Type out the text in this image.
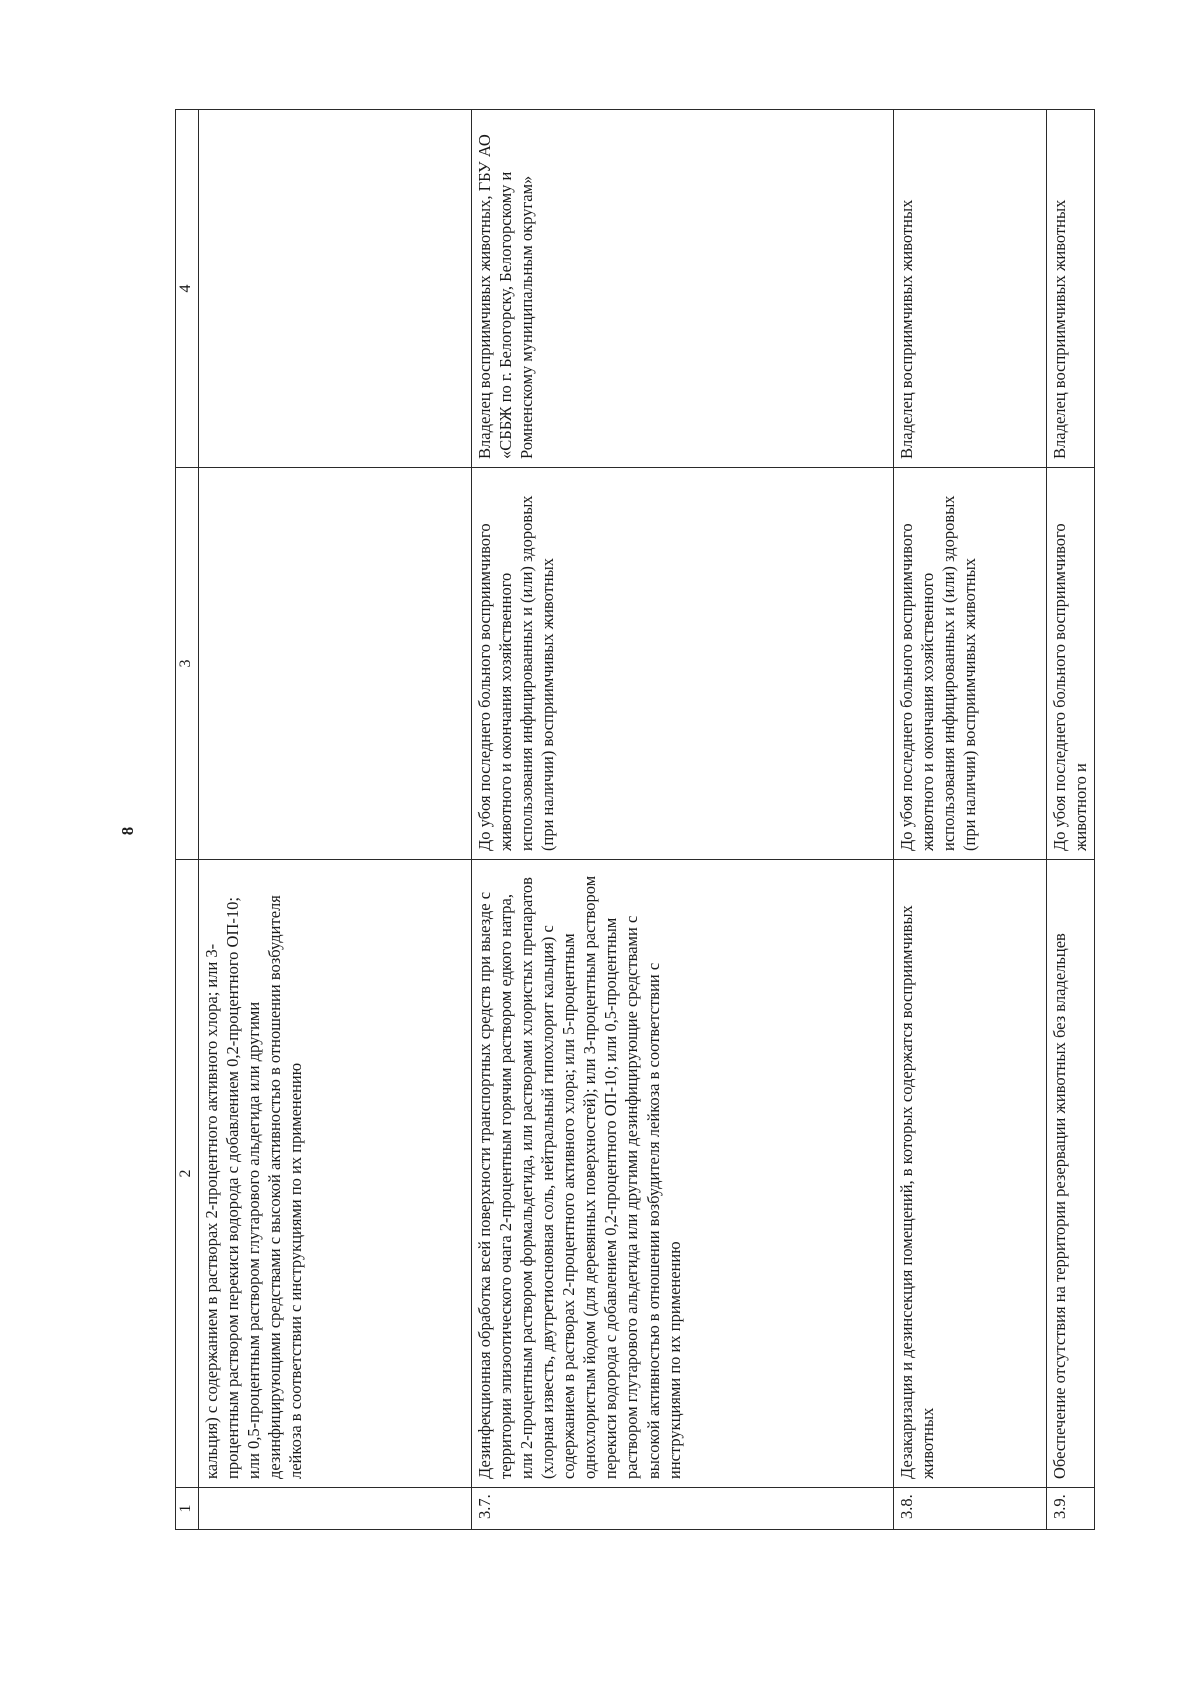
8
1	2	3	4
	кальция) с содержанием в растворах 2-процентного активного хлора; или 3-процентным раствором перекиси водорода с добавлением 0,2-процентного ОП-10; или 0,5-процентным раствором глутарового альдегида или другими дезинфицирующими средствами с высокой активностью в отношении возбудителя лейкоза в соответствии с инструкциями по их применению		
3.7.	Дезинфекционная обработка всей поверхности транспортных средств при выезде с территории эпизоотического очага 2-процентным горячим раствором едкого натра, или 2-процентным раствором формальдегида, или растворами хлористых препаратов (хлорная известь, двутретиосновная соль, нейтральный гипохлорит кальция) с содержанием в растворах 2-процентного активного хлора; или 5-процентным однохлористым йодом (для деревянных поверхностей); или 3-процентным раствором перекиси водорода с добавлением 0,2-процентного ОП-10; или 0,5-процентным раствором глутарового альдегида или другими дезинфицирующие средствами с высокой активностью в отношении возбудителя лейкоза в соответствии с инструкциями по их применению	До убоя последнего больного восприимчивого животного и окончания хозяйственного использования инфицированных и (или) здоровых (при наличии) восприимчивых животных	Владелец восприимчивых животных, ГБУ АО «СББЖ по г. Белогорску, Белогорскому и Ромненскому муниципальным округам»
3.8.	Дезакаризация и дезинсекция помещений, в которых содержатся восприимчивых животных	До убоя последнего больного восприимчивого животного и окончания хозяйственного использования инфицированных и (или) здоровых (при наличии) восприимчивых животных	Владелец восприимчивых животных
3.9.	Обеспечение отсутствия на территории резервации животных без владельцев	До убоя последнего больного восприимчивого животного и	Владелец восприимчивых животных
